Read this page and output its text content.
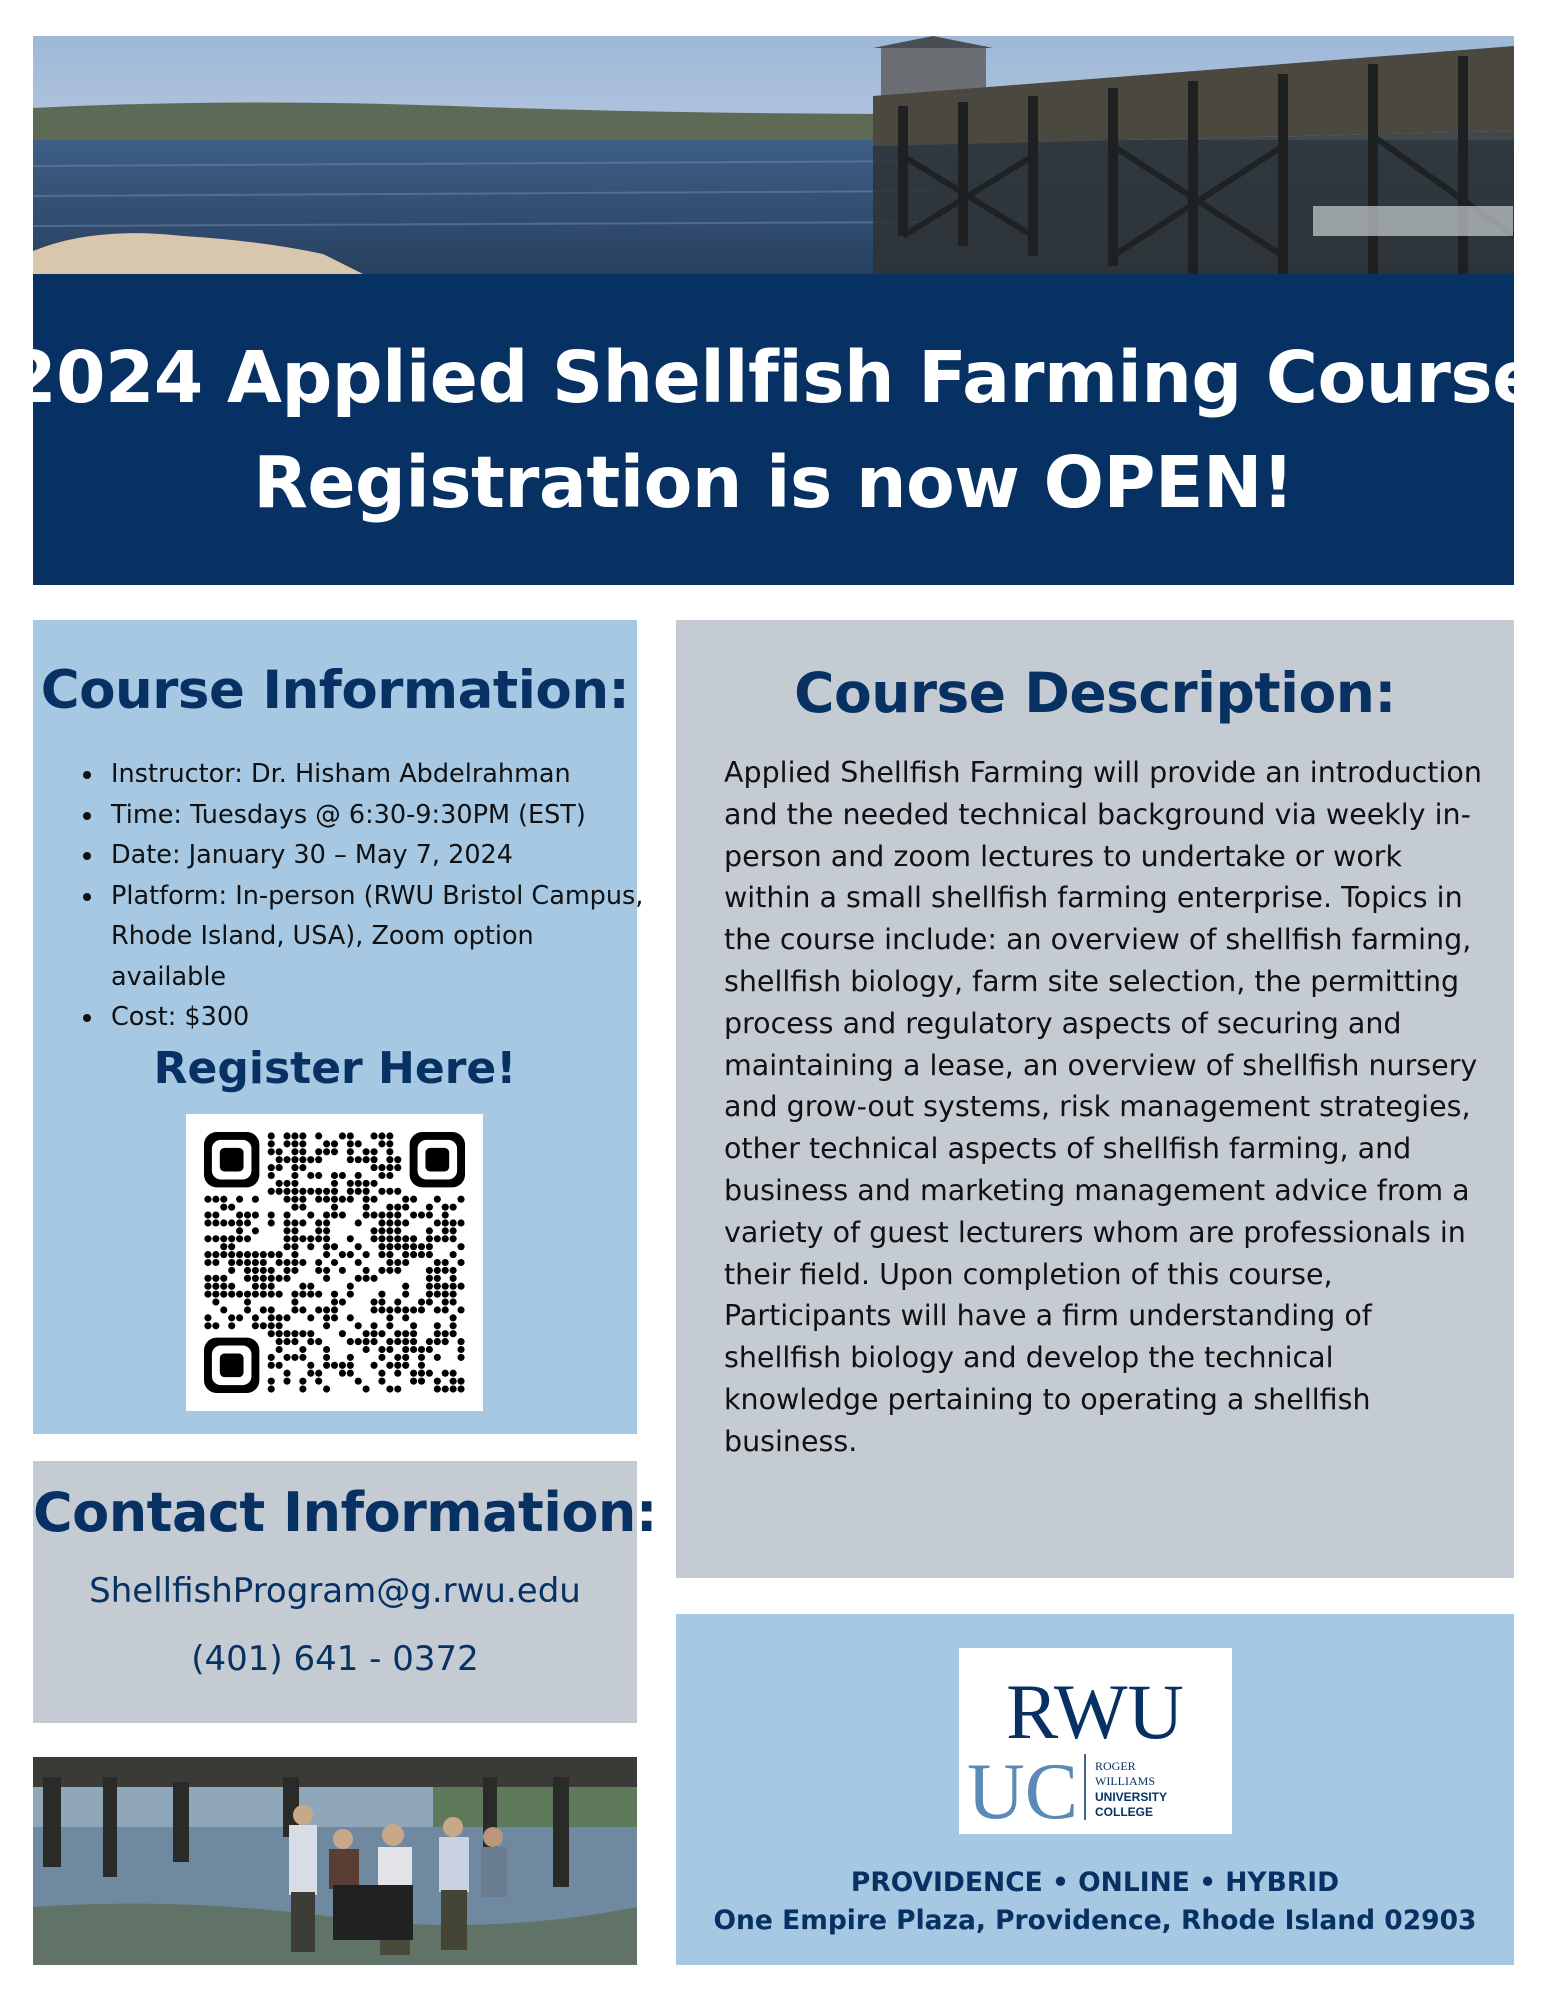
2024 Applied Shellfish Farming Course
Registration is now OPEN!
Course Information:
• Instructor: Dr. Hisham Abdelrahman
• Time: Tuesdays @ 6:30-9:30PM (EST)
• Date: January 30 – May 7, 2024
• Platform: In-person (RWU Bristol Campus, Rhode Island, USA), Zoom option available
• Cost: $300
Register Here!
Course Description:

Applied Shellfish Farming will provide an introduction and the needed technical background via weekly in-person and zoom lectures to undertake or work within a small shellfish farming enterprise. Topics in the course include: an overview of shellfish farming, shellfish biology, farm site selection, the permitting process and regulatory aspects of securing and maintaining a lease, an overview of shellfish nursery and grow-out systems, risk management strategies, other technical aspects of shellfish farming, and business and marketing management advice from a variety of guest lecturers whom are professionals in their field. Upon completion of this course, Participants will have a firm understanding of shellfish biology and develop the technical knowledge pertaining to operating a shellfish business.

Contact Information:
ShellfishProgram@g.rwu.edu
(401) 641 - 0372
RWU
UC ROGER
WILLIAMS
UNIVERSITY
COLLEGE
PROVIDENCE • ONLINE • HYBRID
One Empire Plaza, Providence, Rhode Island 02903
